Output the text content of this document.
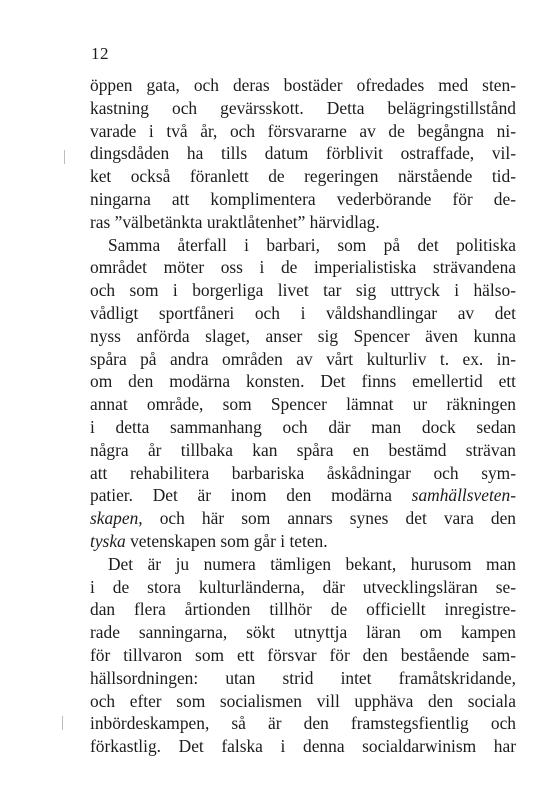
12
öppen gata, och deras bostäder ofredades med sten-
kastning och gevärsskott. Detta belägringstillstånd
varade i två år, och försvararne av de begångna ni-
dingsdåden ha tills datum förblivit ostraffade, vil-
ket också föranlett de regeringen närstående tid-
ningarna att komplimentera vederbörande för de-
ras ”välbetänkta uraktlåtenhet” härvidlag.
Samma återfall i barbari, som på det politiska
området möter oss i de imperialistiska strävandena
och som i borgerliga livet tar sig uttryck i hälso-
vådligt sportfåneri och i våldshandlingar av det
nyss anförda slaget, anser sig Spencer även kunna
spåra på andra områden av vårt kulturliv t. ex. in-
om den modärna konsten. Det finns emellertid ett
annat område, som Spencer lämnat ur räkningen
i detta sammanhang och där man dock sedan
några år tillbaka kan spåra en bestämd strävan
att rehabilitera barbariska åskådningar och sym-
patier. Det är inom den modärna samhällsveten-
skapen, och här som annars synes det vara den
tyska vetenskapen som går i teten.
Det är ju numera tämligen bekant, hurusom man
i de stora kulturländerna, där utvecklingsläran se-
dan flera årtionden tillhör de officiellt inregistre-
rade sanningarna, sökt utnyttja läran om kampen
för tillvaron som ett försvar för den bestående sam-
hällsordningen: utan strid intet framåtskridande,
och efter som socialismen vill upphäva den sociala
inbördeskampen, så är den framstegsfientlig och
förkastlig. Det falska i denna socialdarwinism har
